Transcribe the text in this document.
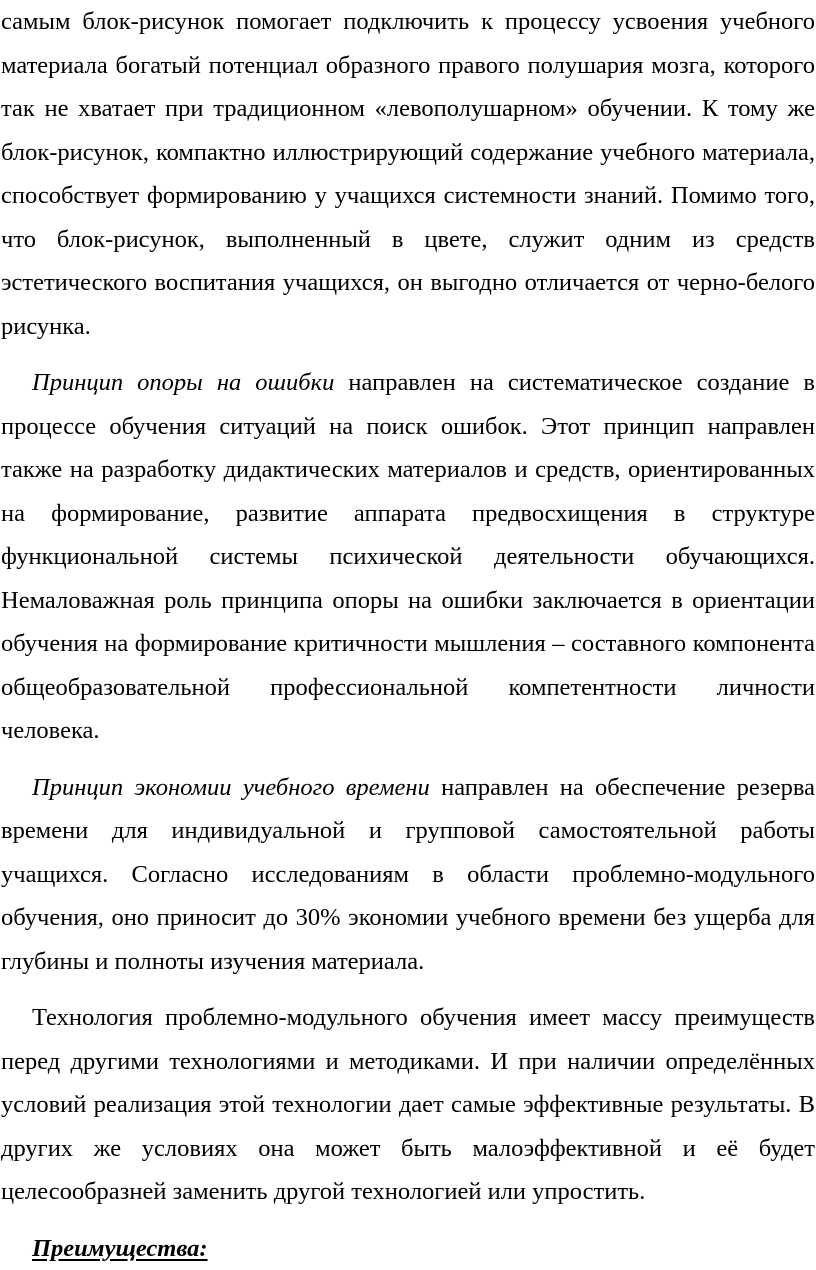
самым блок-рисунок помогает подключить к процессу усвоения учебного материала богатый потенциал образного правого полушария мозга, которого так не хватает при традиционном «левополушарном» обучении. К тому же блок-рисунок, компактно иллюстрирующий содержание учебного материала, способствует формированию у учащихся системности знаний. Помимо того, что блок-рисунок, выполненный в цвете, служит одним из средств эстетического воспитания учащихся, он выгодно отличается от черно-белого рисунка.

Принцип опоры на ошибки направлен на систематическое создание в процессе обучения ситуаций на поиск ошибок. Этот принцип направлен также на разработку дидактических материалов и средств, ориентированных на формирование, развитие аппарата предвосхищения в структуре функциональной системы психической деятельности обучающихся. Немаловажная роль принципа опоры на ошибки заключается в ориентации обучения на формирование критичности мышления – составного компонента общеобразовательной профессиональной компетентности личности человека.

Принцип экономии учебного времени направлен на обеспечение резерва времени для индивидуальной и групповой самостоятельной работы учащихся. Согласно исследованиям в области проблемно-модульного обучения, оно приносит до 30% экономии учебного времени без ущерба для глубины и полноты изучения материала.

Технология проблемно-модульного обучения имеет массу преимуществ перед другими технологиями и методиками. И при наличии определённых условий реализация этой технологии дает самые эффективные результаты. В других же условиях она может быть малоэффективной и её будет целесообразней заменить другой технологией или упростить.

Преимущества:
